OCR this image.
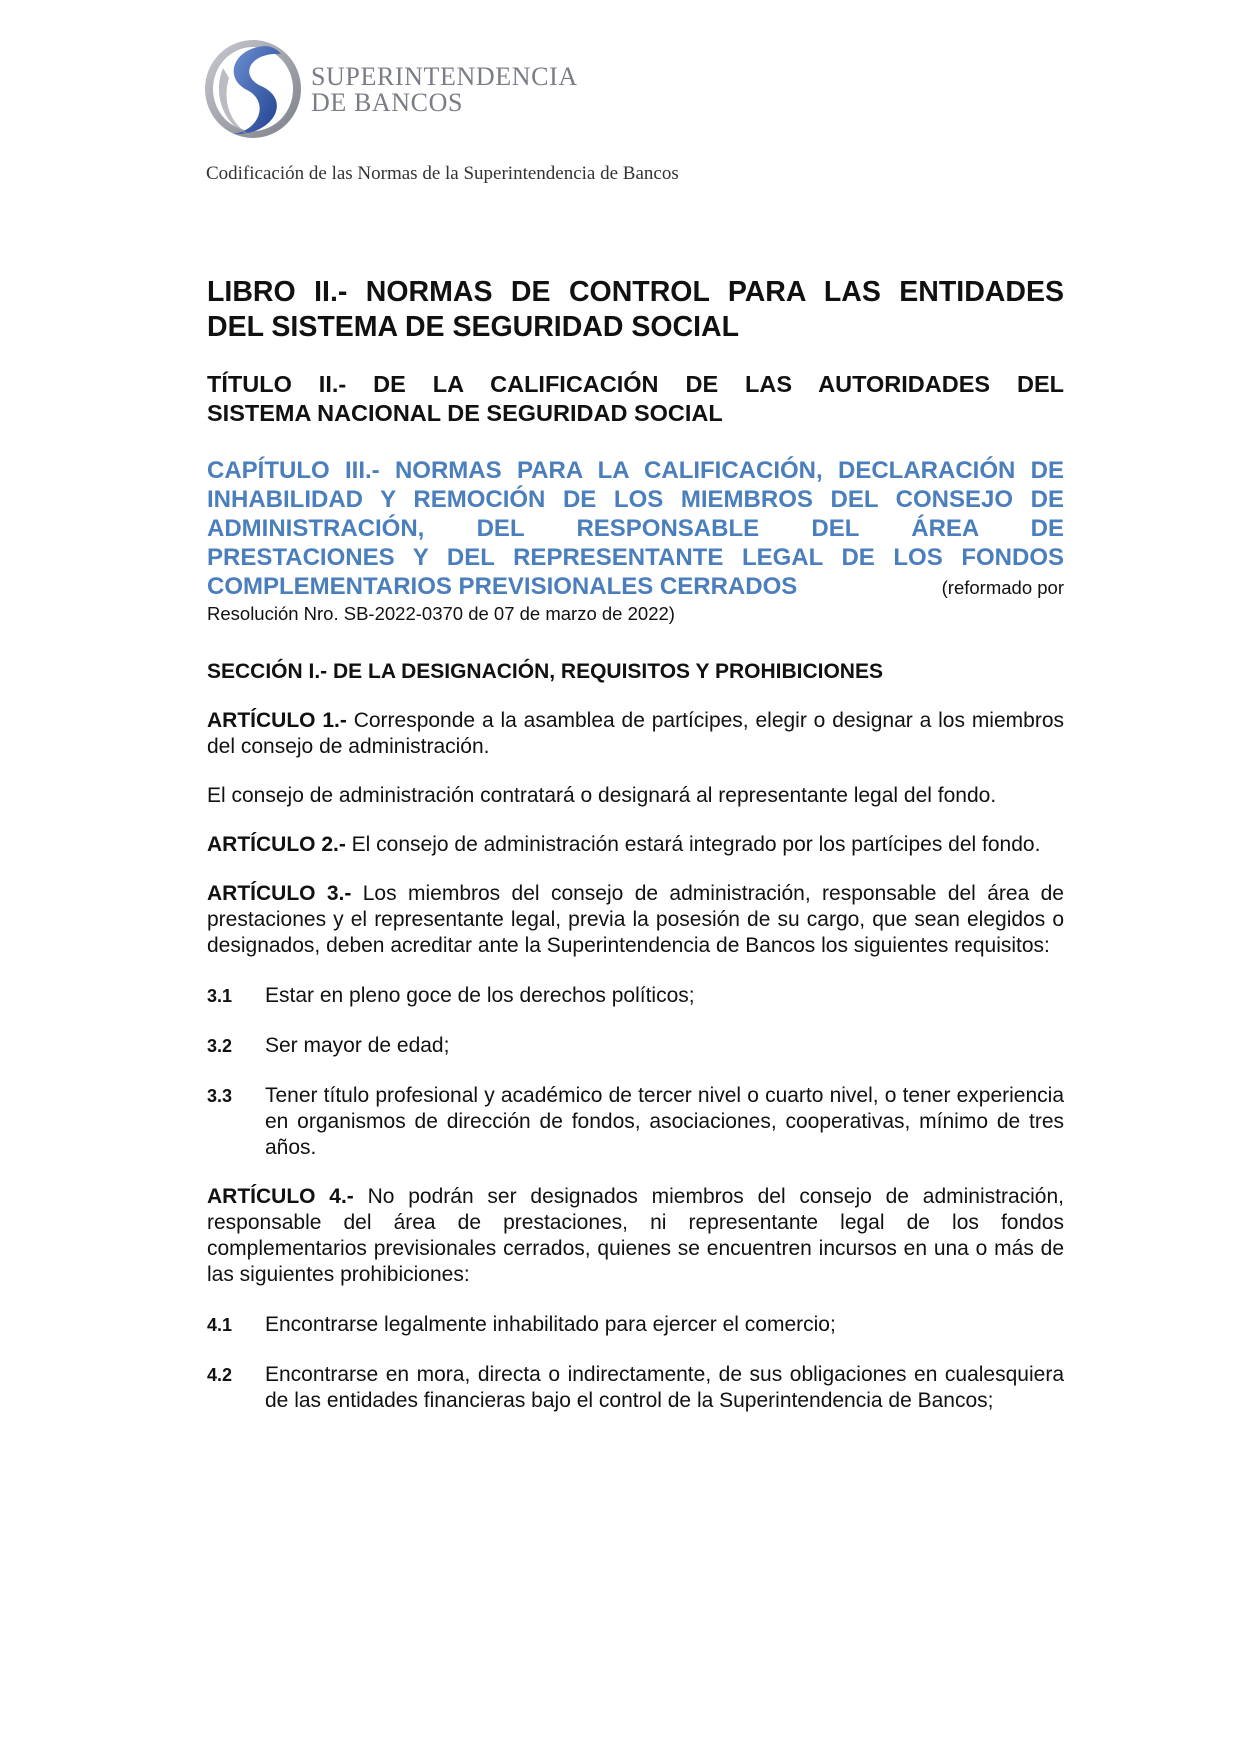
SUPERINTENDENCIA
DE BANCOS
Codificación de las Normas de la Superintendencia de Bancos
LIBRO II.- NORMAS DE CONTROL PARA LAS ENTIDADES
DEL SISTEMA DE SEGURIDAD SOCIAL
TÍTULO II.- DE LA CALIFICACIÓN DE LAS AUTORIDADES DEL
SISTEMA NACIONAL DE SEGURIDAD SOCIAL
CAPÍTULO III.- NORMAS PARA LA CALIFICACIÓN, DECLARACIÓN DE
INHABILIDAD Y REMOCIÓN DE LOS MIEMBROS DEL CONSEJO DE
ADMINISTRACIÓN, DEL RESPONSABLE DEL ÁREA DE
PRESTACIONES Y DEL REPRESENTANTE LEGAL DE LOS FONDOS
COMPLEMENTARIOS PREVISIONALES CERRADOS	(reformado por
Resolución Nro. SB-2022-0370 de 07 de marzo de 2022)
SECCIÓN I.- DE LA DESIGNACIÓN, REQUISITOS Y PROHIBICIONES

ARTÍCULO 1.- Corresponde a la asamblea de partícipes, elegir o designar a los miembros del consejo de administración.

El consejo de administración contratará o designará al representante legal del fondo.

ARTÍCULO 2.- El consejo de administración estará integrado por los partícipes del fondo.

ARTÍCULO 3.- Los miembros del consejo de administración, responsable del área de prestaciones y el representante legal, previa la posesión de su cargo, que sean elegidos o designados, deben acreditar ante la Superintendencia de Bancos los siguientes requisitos:

3.1	Estar en pleno goce de los derechos políticos;
3.2	Ser mayor de edad;
3.3	Tener título profesional y académico de tercer nivel o cuarto nivel, o tener experiencia en organismos de dirección de fondos, asociaciones, cooperativas, mínimo de tres años.

ARTÍCULO 4.- No podrán ser designados miembros del consejo de administración, responsable del área de prestaciones, ni representante legal de los fondos complementarios previsionales cerrados, quienes se encuentren incursos en una o más de las siguientes prohibiciones:

4.1	Encontrarse legalmente inhabilitado para ejercer el comercio;
4.2	Encontrarse en mora, directa o indirectamente, de sus obligaciones en cualesquiera de las entidades financieras bajo el control de la Superintendencia de Bancos;
